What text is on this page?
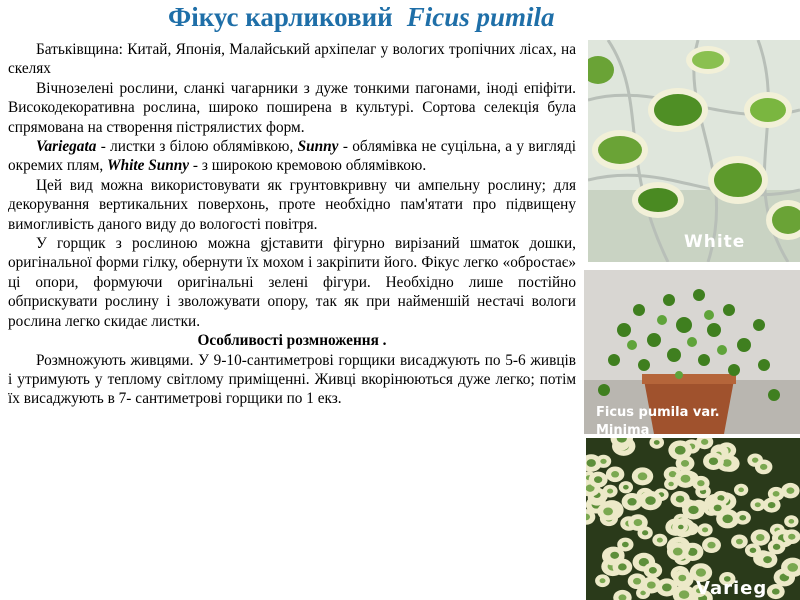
Фікус карликовий Ficus pumila

Батьківщина: Китай, Японія, Малайський архіпелаг у вологих тропічних лісах, на скелях

Вічнозелені рослини, сланкі чагарники з дуже тонкими пагонами, іноді епіфіти. Висoкодекоративна рослина, широко поширена в культурі. Сортова селекція була спрямована на створення пістрялистих форм.

Variegata - листки з білою облямівкою, Sunny - облямівка не суцільна, а у вигляді окремих плям, White Sunny - з широкою кремовою облямівкою.

Цей вид можна використовувати як грунтовкривну чи ампельну рослину; для декорування вертикальних поверхонь, проте необхідно пам'ятати про підвищену вимогливість даного виду до вологості повітря.

У горщик з рослиною можна gjставити фігурно вирізаний шматок дошки, оригінальної форми гілку, обернути їх мохом і закріпити його. Фікус легко «обростає» ці опори, формуючи оригінальні зелені фігури. Необхідно лише постійно обприскувати рослину і зволожувати опору, так як при найменшій нестачі вологи рослина легко скидає листки.

Особливості розмноження .

Розмножують живцями. У 9-10-сантиметрові горщики висаджують по 5-6 живців і утримують у теплому світлому приміщенні. Живці вкорінюються дуже легко; потім їх висаджують в 7- сантиметрові горщики по 1 екз.

White
Ficus pumila var.
Minima
Varieg
